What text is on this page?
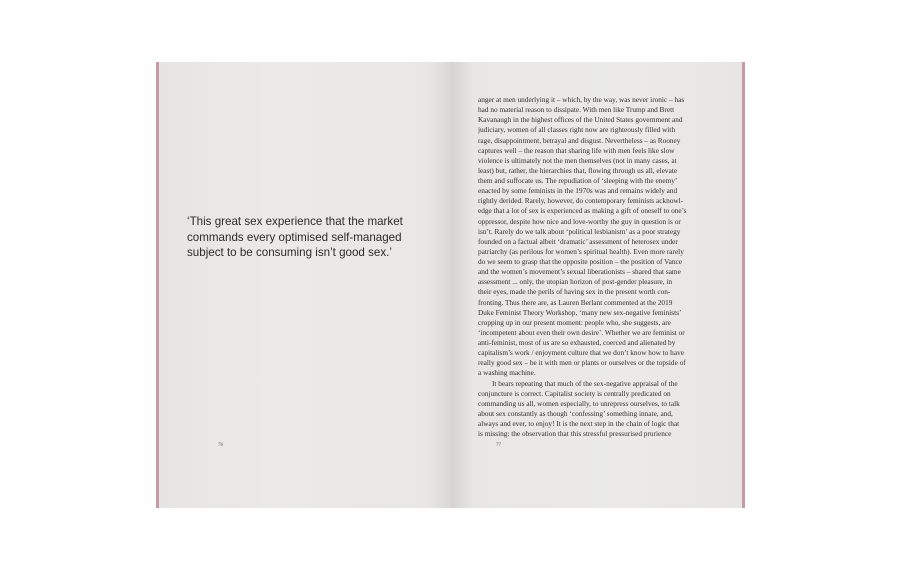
‘This great sex experience that the market commands every optimised self-managed subject to be consuming isn’t good sex.’

76
anger at men underlying it – which, by the way, was never ironic – has
had no material reason to dissipate. With men like Trump and Brett
Kavanaugh in the highest offices of the United States government and
judiciary, women of all classes right now are righteously filled with
rage, disappointment, betrayal and disgust. Nevertheless – as Rooney
captures well – the reason that sharing life with men feels like slow
violence is ultimately not the men themselves (not in many cases, at
least) but, rather, the hierarchies that, flowing through us all, elevate
them and suffocate us. The repudiation of ‘sleeping with the enemy’
enacted by some feminists in the 1970s was and remains widely and
rightly derided. Rarely, however, do contemporary feminists acknowl-
edge that a lot of sex is experienced as making a gift of oneself to one’s
oppressor, despite how nice and love-worthy the guy in question is or
isn’t. Rarely do we talk about ‘political lesbianism’ as a poor strategy
founded on a factual albeit ‘dramatic’ assessment of heterosex under
patriarchy (as perilous for women’s spiritual health). Even more rarely
do we seem to grasp that the opposite position – the position of Vance
and the women’s movement’s sexual liberationists – shared that same
assessment ... only, the utopian horizon of post-gender pleasure, in
their eyes, made the perils of having sex in the present worth con-
fronting. Thus there are, as Lauren Berlant commented at the 2019
Duke Feminist Theory Workshop, ‘many new sex-negative feminists’
cropping up in our present moment: people who, she suggests, are
‘incompetent about even their own desire’. Whether we are feminist or
anti-feminist, most of us are so exhausted, coerced and alienated by
capitalism’s work / enjoyment culture that we don’t know how to have
really good sex – be it with men or plants or ourselves or the topside of
a washing machine.
It bears repeating that much of the sex-negative appraisal of the
conjuncture is correct. Capitalist society is centrally predicated on
commanding us all, women especially, to unrepress ourselves, to talk
about sex constantly as though ‘confessing’ something innate, and,
always and ever, to enjoy! It is the next step in the chain of logic that
is missing: the observation that this stressful pressurised prurience
77
